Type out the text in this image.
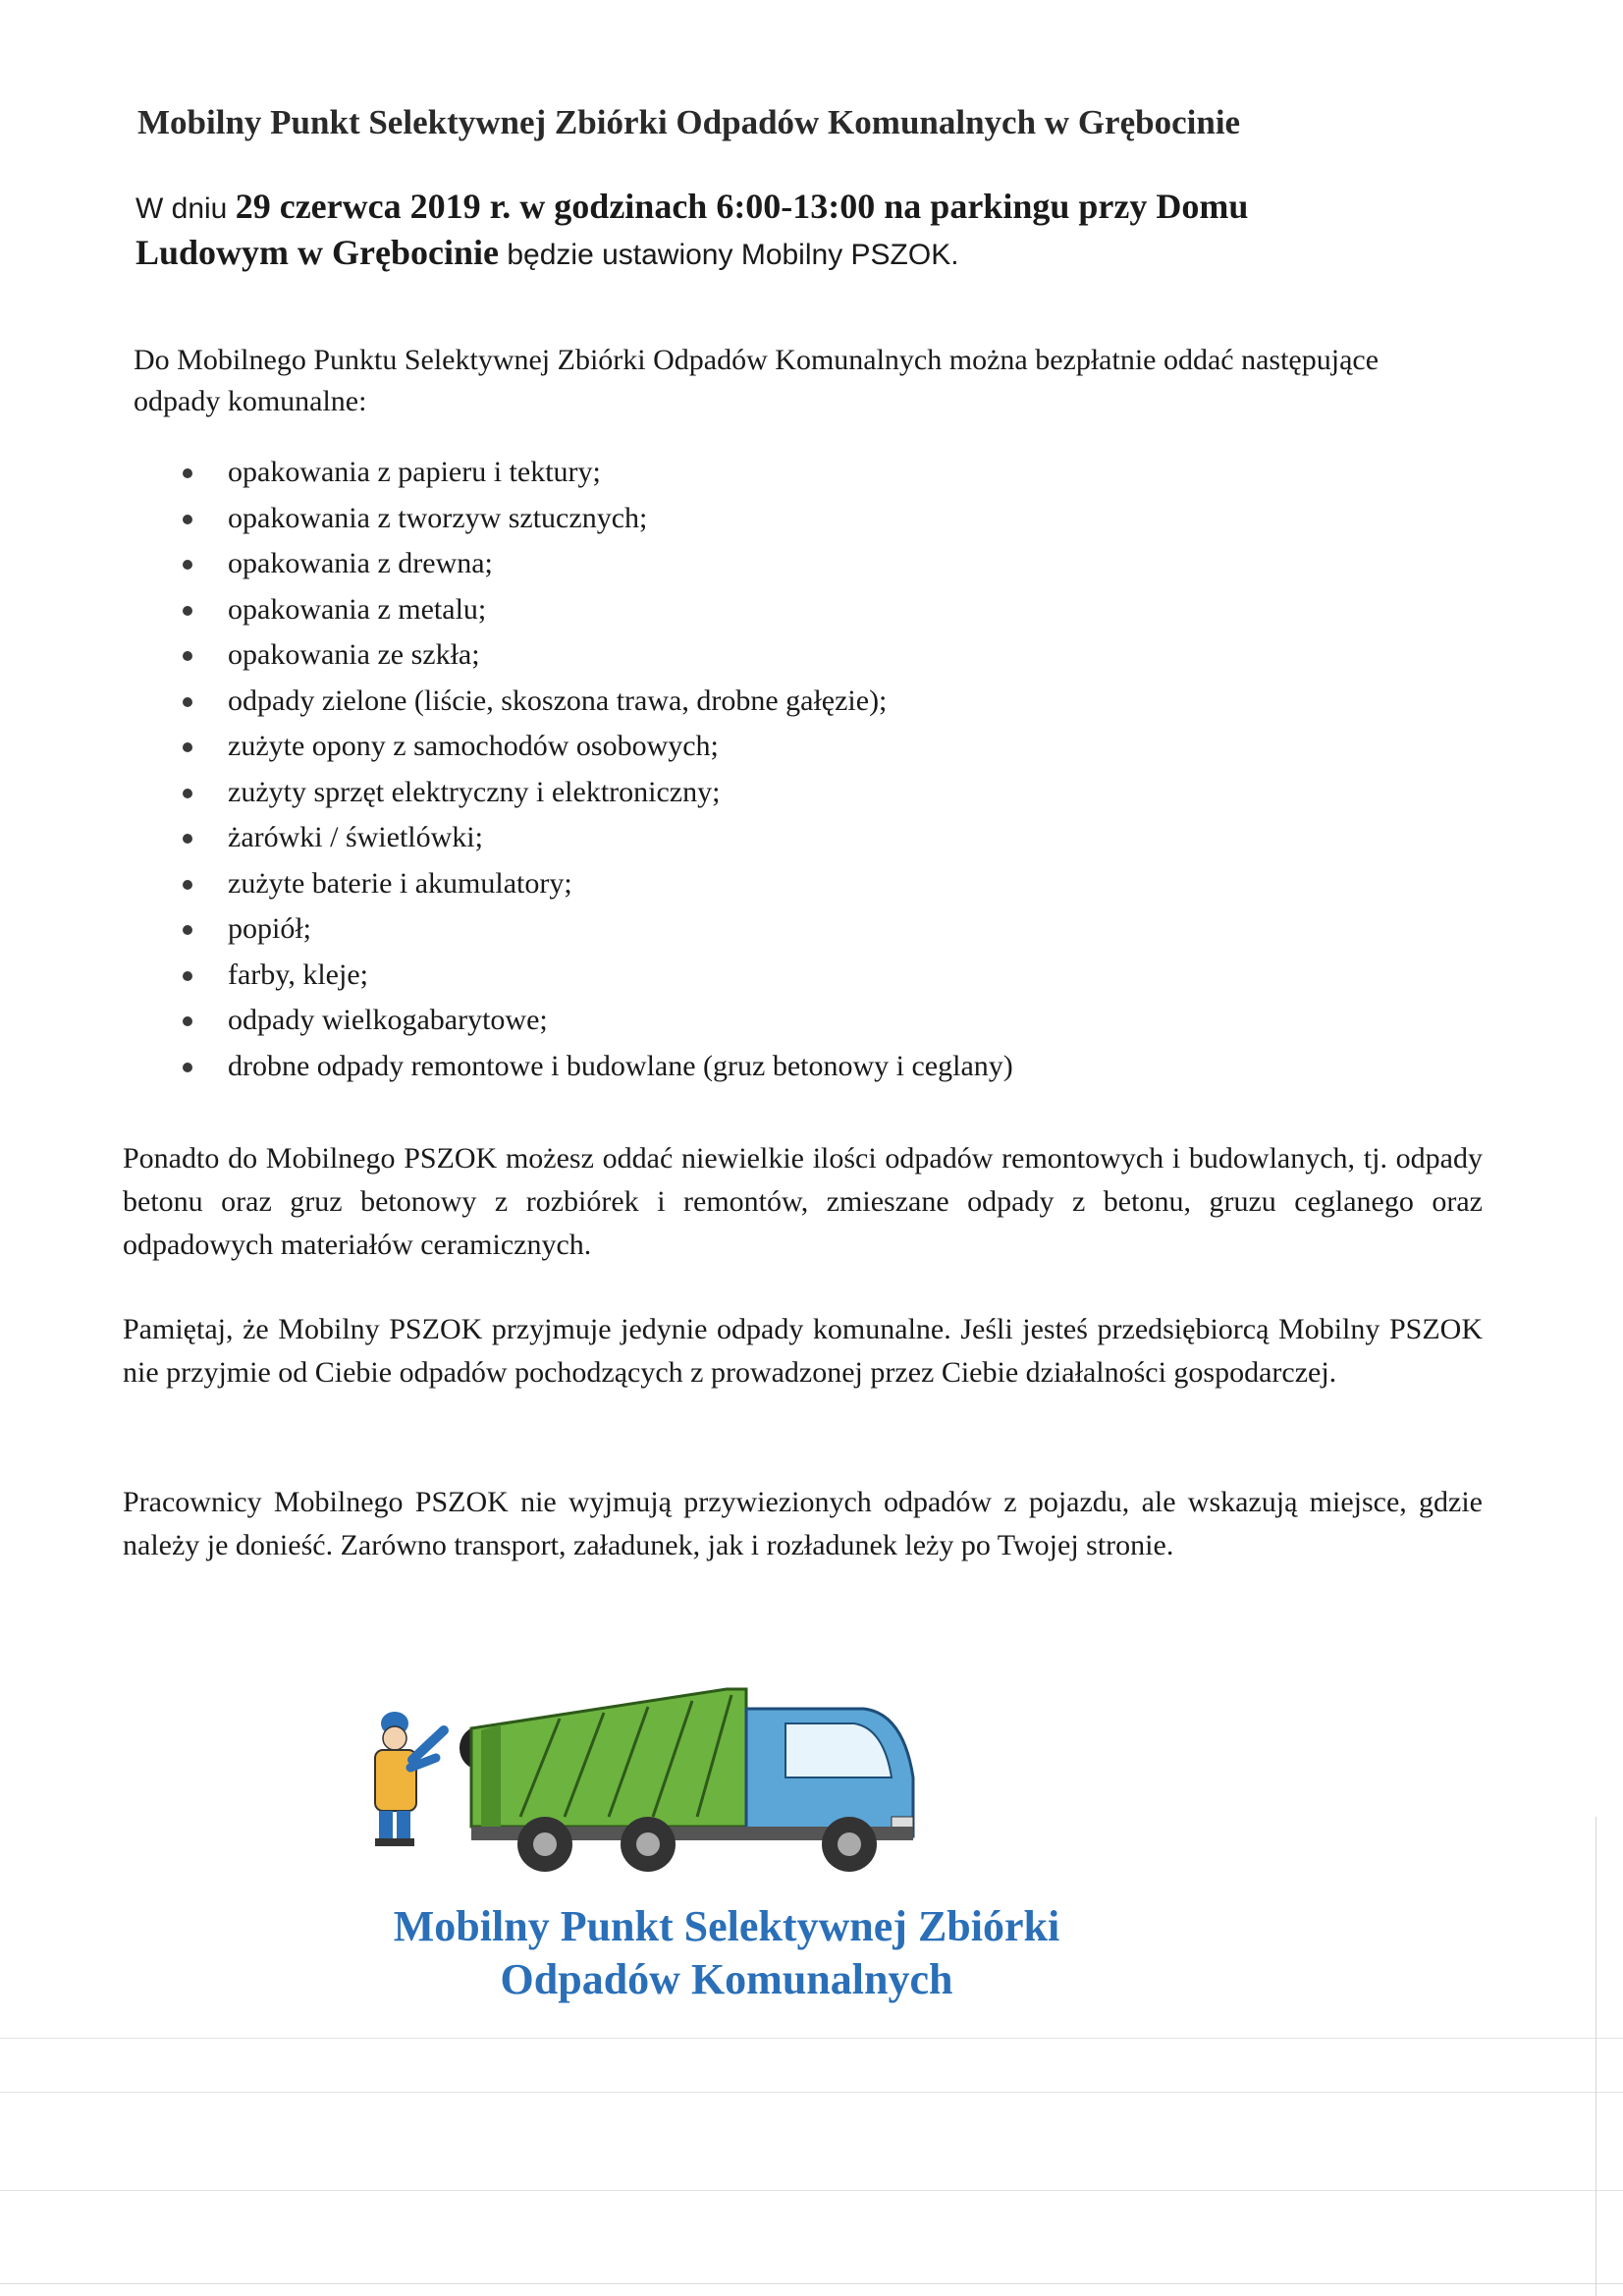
Mobilny Punkt Selektywnej Zbiórki Odpadów Komunalnych w Grębocinie
W dniu 29 czerwca 2019 r. w godzinach 6:00-13:00 na parkingu przy Domu Ludowym w Grębocinie będzie ustawiony Mobilny PSZOK.
Do Mobilnego Punktu Selektywnej Zbiórki Odpadów Komunalnych można bezpłatnie oddać następujące odpady komunalne:
opakowania z papieru i tektury;
opakowania z tworzyw sztucznych;
opakowania z drewna;
opakowania z metalu;
opakowania ze szkła;
odpady zielone (liście, skoszona trawa, drobne gałęzie);
zużyte opony z samochodów osobowych;
zużyty sprzęt elektryczny i elektroniczny;
żarówki / świetlówki;
zużyte baterie i akumulatory;
popiół;
farby, kleje;
odpady wielkogabarytowe;
drobne odpady remontowe i budowlane (gruz betonowy i ceglany)
Ponadto do Mobilnego PSZOK możesz oddać niewielkie ilości odpadów remontowych i budowlanych, tj. odpady betonu oraz gruz betonowy z rozbiórek i remontów, zmieszane odpady z betonu, gruzu ceglanego oraz odpadowych materiałów ceramicznych.
Pamiętaj, że Mobilny PSZOK przyjmuje jedynie odpady komunalne. Jeśli jesteś przedsiębiorcą Mobilny PSZOK nie przyjmie od Ciebie odpadów pochodzących z prowadzonej przez Ciebie działalności gospodarczej.
Pracownicy Mobilnego PSZOK nie wyjmują przywiezionych odpadów z pojazdu, ale wskazują miejsce, gdzie należy je donieść. Zarówno transport, załadunek, jak i rozładunek leży po Twojej stronie.
Mobilny Punkt Selektywnej Zbiórki
Odpadów Komunalnych
